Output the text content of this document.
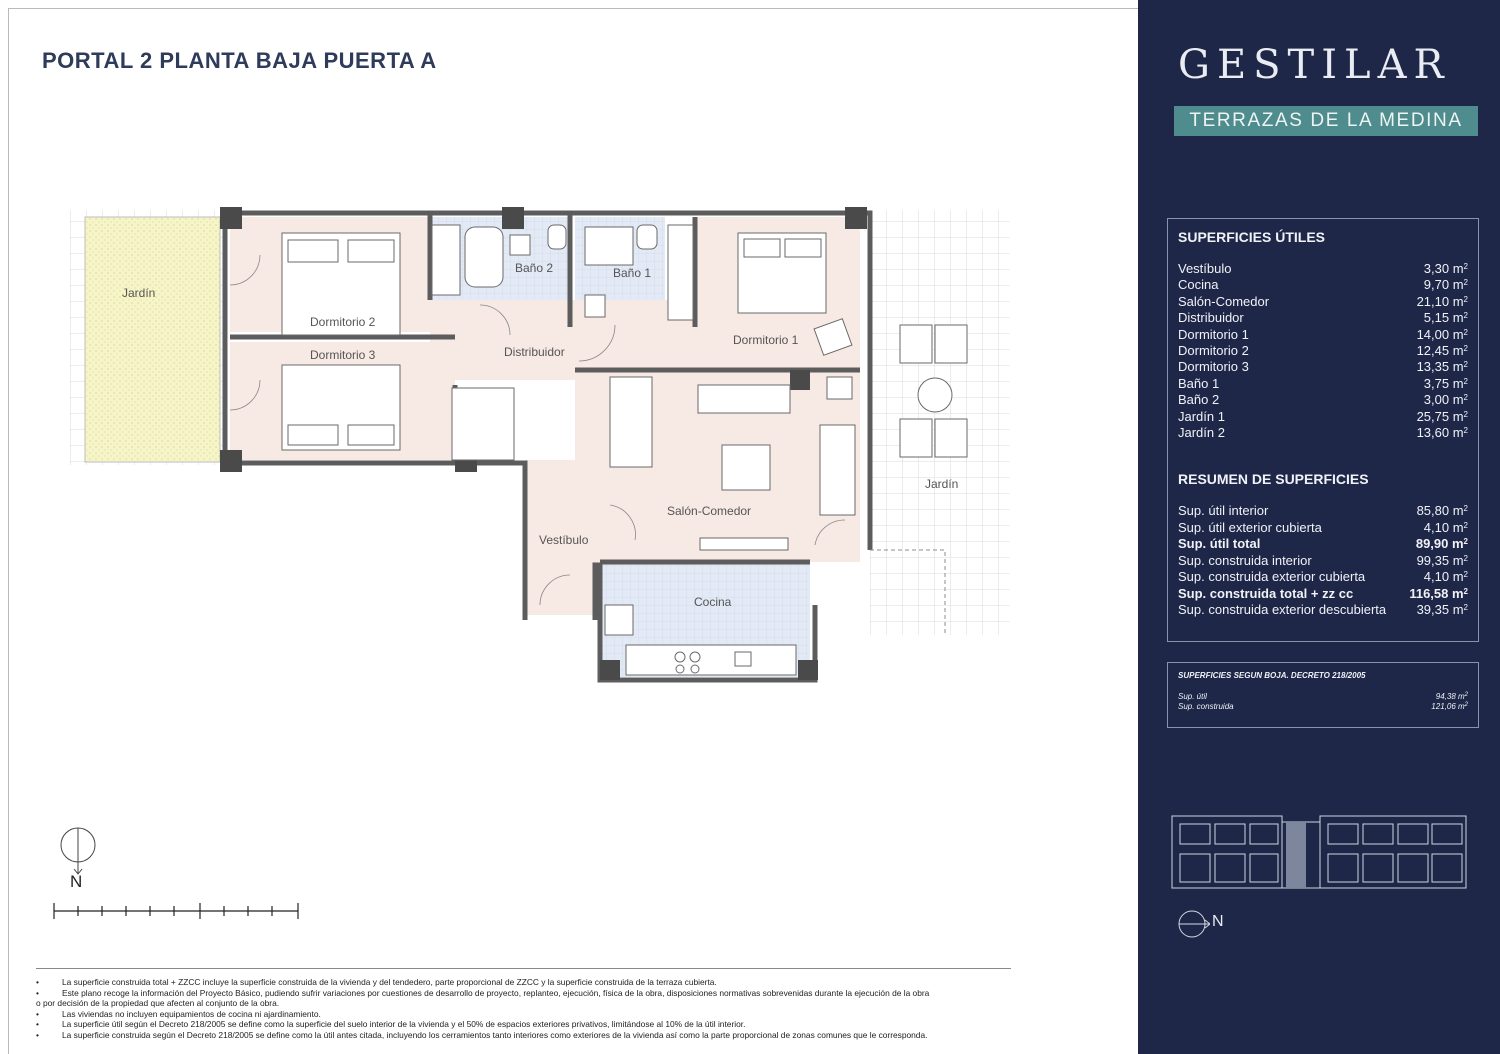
PORTAL 2 PLANTA BAJA PUERTA A
Jardín
Dormitorio 2
Dormitorio 3
Baño 2	Baño 1
Distribuidor
Dormitorio 1
Salón-Comedor
Vestíbulo
Cocina
Jardín
N
• La superficie construida total + ZZCC incluye la superficie construida de la vivienda y del tendedero, parte proporcional de ZZCC y la superficie construida de la terraza cubierta.
• Este plano recoge la información del Proyecto Básico, pudiendo sufrir variaciones por cuestiones de desarrollo de proyecto, replanteo, ejecución, física de la obra, disposiciones normativas sobrevenidas durante la ejecución de la obra
o por decisión de la propiedad que afecten al conjunto de la obra.
• Las viviendas no incluyen equipamientos de cocina ni ajardinamiento.
• La superficie útil según el Decreto 218/2005 se define como la superficie del suelo interior de la vivienda y el 50% de espacios exteriores privativos, limitándose al 10% de la útil interior.
• La superficie construida según el Decreto 218/2005 se define como la útil antes citada, incluyendo los cerramientos tanto interiores como exteriores de la vivienda así como la parte proporcional de zonas comunes que le corresponda.
GESTILAR
TERRAZAS DE LA MEDINA
SUPERFICIES ÚTILES
Vestíbulo	3,30 $m^2$
Cocina	9,70 $m^2$
Salón-Comedor	21,10 $m^2$
Distribuidor	5,15 $m^2$
Dormitorio 1	14,00 $m^2$
Dormitorio 2	12,45 $m^2$
Dormitorio 3	13,35 $m^2$
Baño 1	3,75 $m^2$
Baño 2	3,00 $m^2$
Jardín 1	25,75 $m^2$
Jardín 2	13,60 $m^2$
RESUMEN DE SUPERFICIES
Sup. útil interior	85,80 $m^2$
Sup. útil exterior cubierta	4,10 $m^2$
Sup. útil total	89,90 $m^2$
Sup. construida interior	99,35 $m^2$
Sup. construida exterior cubierta	4,10 $m^2$
Sup. construida total + zz cc	116,58 $m^2$
Sup. construida exterior descubierta 39,35 $m^2$
SUPERFICIES SEGUN BOJA. DECRETO 218/2005
Sup. útil	94,38 $m^2$
Sup. construida	121,06 $m^2$
N
